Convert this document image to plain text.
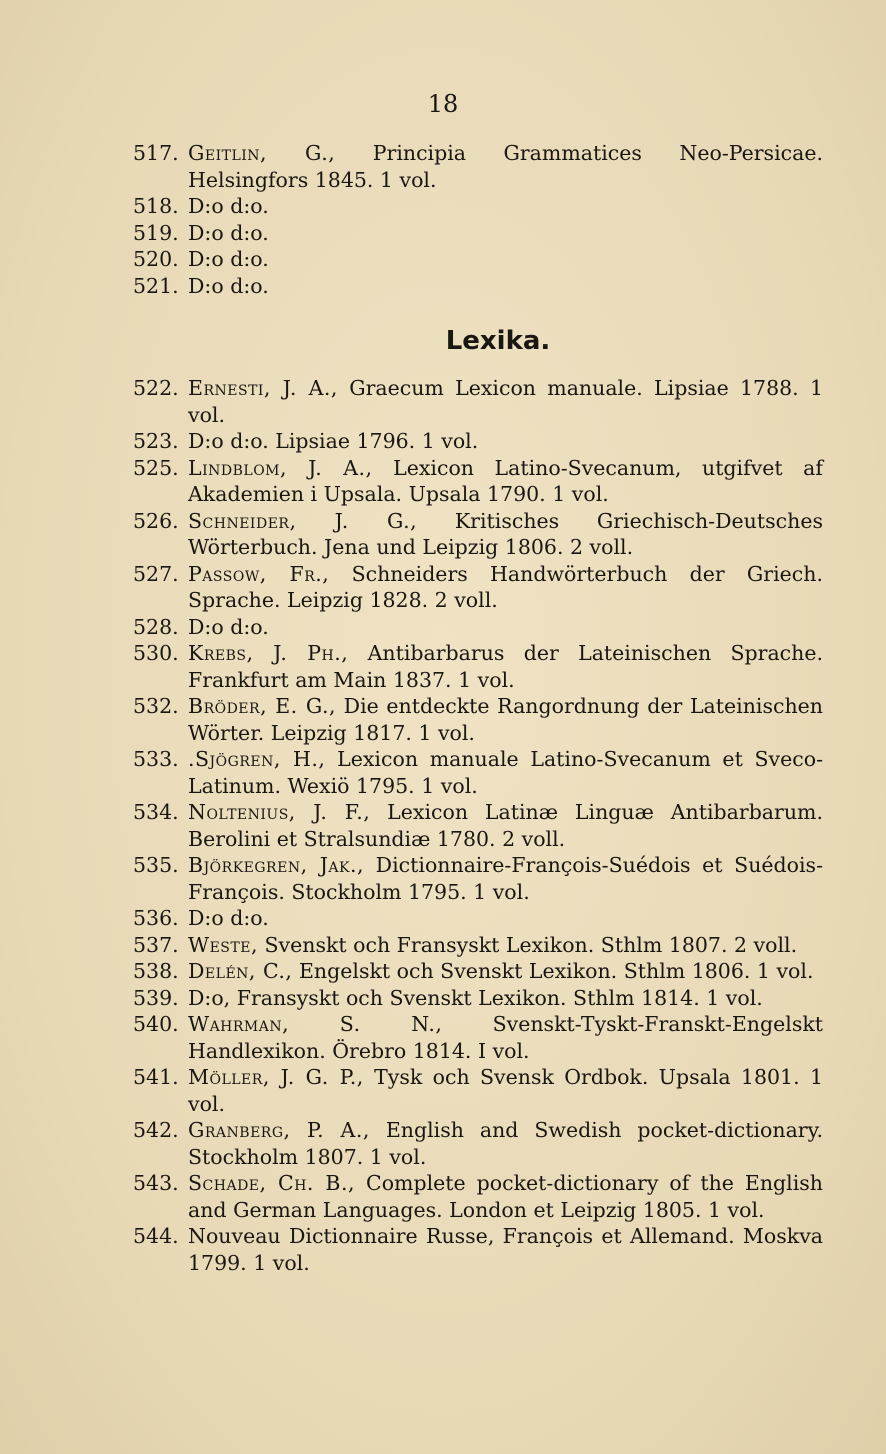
18

517. Geitlin, G., Principia Grammatices Neo-Persicae. Helsingfors 1845. 1 vol.

518. D:o d:o.

519. D:o d:o.

520. D:o d:o.

521. D:o d:o.

Lexika.

522. Ernesti, J. A., Graecum Lexicon manuale. Lipsiae 1788. 1 vol.

523. D:o d:o. Lipsiae 1796. 1 vol.

525. Lindblom, J. A., Lexicon Latino-Svecanum, utgifvet af Akademien i Upsala. Upsala 1790. 1 vol.

526. Schneider, J. G., Kritisches Griechisch-Deutsches Wörterbuch. Jena und Leipzig 1806. 2 voll.

527. Passow, Fr., Schneiders Handwörterbuch der Griech. Sprache. Leipzig 1828. 2 voll.

528. D:o d:o.

530. Krebs, J. Ph., Antibarbarus der Lateinischen Sprache. Frankfurt am Main 1837. 1 vol.

532. Bröder, E. G., Die entdeckte Rangordnung der Lateinischen Wörter. Leipzig 1817. 1 vol.

533. .Sjögren, H., Lexicon manuale Latino-Svecanum et Sveco-Latinum. Wexiö 1795. 1 vol.

534. Noltenius, J. F., Lexicon Latinæ Linguæ Antibarbarum. Berolini et Stralsundiæ 1780. 2 voll.

535. Björkegren, Jak., Dictionnaire-François-Suédois et Suédois-François. Stockholm 1795. 1 vol.

536. D:o d:o.

537. Weste, Svenskt och Fransyskt Lexikon. Sthlm 1807. 2 voll.

538. Delén, C., Engelskt och Svenskt Lexikon. Sthlm 1806. 1 vol.

539. D:o, Fransyskt och Svenskt Lexikon. Sthlm 1814. 1 vol.

540. Wahrman, S. N., Svenskt-Tyskt-Franskt-Engelskt Handlexikon. Örebro 1814. I vol.

541. Möller, J. G. P., Tysk och Svensk Ordbok. Upsala 1801. 1 vol.

542. Granberg, P. A., English and Swedish pocket-dictionary. Stockholm 1807. 1 vol.

543. Schade, Ch. B., Complete pocket-dictionary of the English and German Languages. London et Leipzig 1805. 1 vol.

544. Nouveau Dictionnaire Russe, François et Allemand. Moskva 1799. 1 vol.
